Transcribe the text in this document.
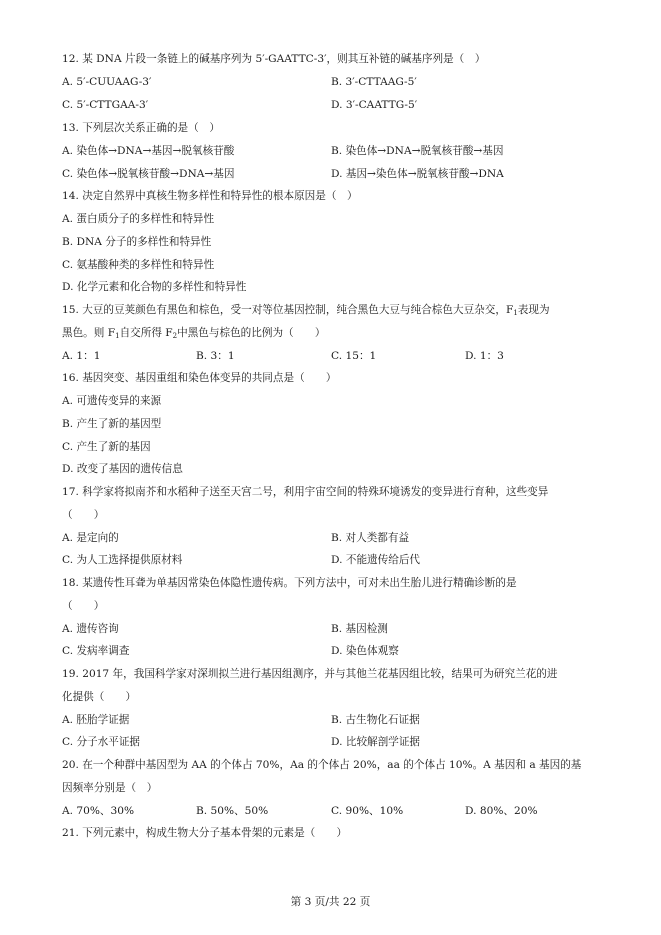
12. 某 DNA 片段一条链上的碱基序列为 5′-GAATTC-3′，则其互补链的碱基序列是（　）
A. 5′-CUUAAG-3′	B. 3′-CTTAAG-5′
C. 5′-CTTGAA-3′	D. 3′-CAATTG-5′
13. 下列层次关系正确的是（　）
A. 染色体→DNA→基因→脱氧核苷酸	B. 染色体→DNA→脱氧核苷酸→基因
C. 染色体→脱氧核苷酸→DNA→基因	D. 基因→染色体→脱氧核苷酸→DNA
14. 决定自然界中真核生物多样性和特异性的根本原因是（　）
A. 蛋白质分子的多样性和特异性
B. DNA 分子的多样性和特异性
C. 氨基酸种类的多样性和特异性
D. 化学元素和化合物的多样性和特异性
15. 大豆的豆荚颜色有黑色和棕色，受一对等位基因控制，纯合黑色大豆与纯合棕色大豆杂交，$F_1$表现为
黑色。则 $F_1$自交所得 $F_2$中黑色与棕色的比例为（　　）
A. 1：1	B. 3：1	C. 15：1	D. 1：3
16. 基因突变、基因重组和染色体变异的共同点是（　　）
A. 可遗传变异的来源
B. 产生了新的基因型
C. 产生了新的基因
D. 改变了基因的遗传信息
17. 科学家将拟南芥和水稻种子送至天宫二号，利用宇宙空间的特殊环境诱发的变异进行育种，这些变异
（　　）
A. 是定向的	B. 对人类都有益
C. 为人工选择提供原材料	D. 不能遗传给后代
18. 某遗传性耳聋为单基因常染色体隐性遗传病。下列方法中，可对未出生胎儿进行精确诊断的是
（　　）
A. 遗传咨询	B. 基因检测
C. 发病率调查	D. 染色体观察
19. 2017 年，我国科学家对深圳拟兰进行基因组测序，并与其他兰花基因组比较，结果可为研究兰花的进
化提供（　　）
A. 胚胎学证据	B. 古生物化石证据
C. 分子水平证据	D. 比较解剖学证据
20. 在一个种群中基因型为 AA 的个体占 70%，Aa 的个体占 20%，aa 的个体占 10%。A 基因和 a 基因的基
因频率分别是（　）
A. 70%、30%	B. 50%、50%	C. 90%、10%	D. 80%、20%
21. 下列元素中，构成生物大分子基本骨架的元素是（　　）
第 3 页/共 22 页
